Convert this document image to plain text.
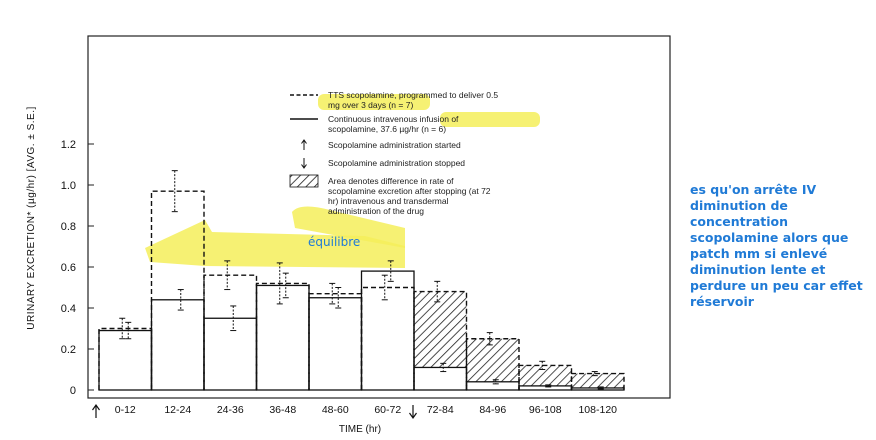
0
0.2
0.4
0.6
0.8
1.0
1.2
0-12	12-24 24-36 36-48 48-60 60-72 72-84 84-96 96-108 108-120
TTS scopolamine, programmed to deliver 0.5 mg over 3 days (n = 7)
Continuous intravenous infusion of scopolamine, 37.6 µg/hr (n = 6)
Scopolamine administration started
Scopolamine administration stopped
Area denotes difference in rate of scopolamine excretion after stopping (at 72 hr) intravenous and transdermal administration of the drug
URINARY EXCRETION* (µg/hr) [AVG. ± S.E.]
TIME (hr)
équilibre
es qu'on arrête IV
diminution de
concentration
scopolamine alors que
patch mm si enlevé
diminution lente et
perdure un peu car effet
réservoir
